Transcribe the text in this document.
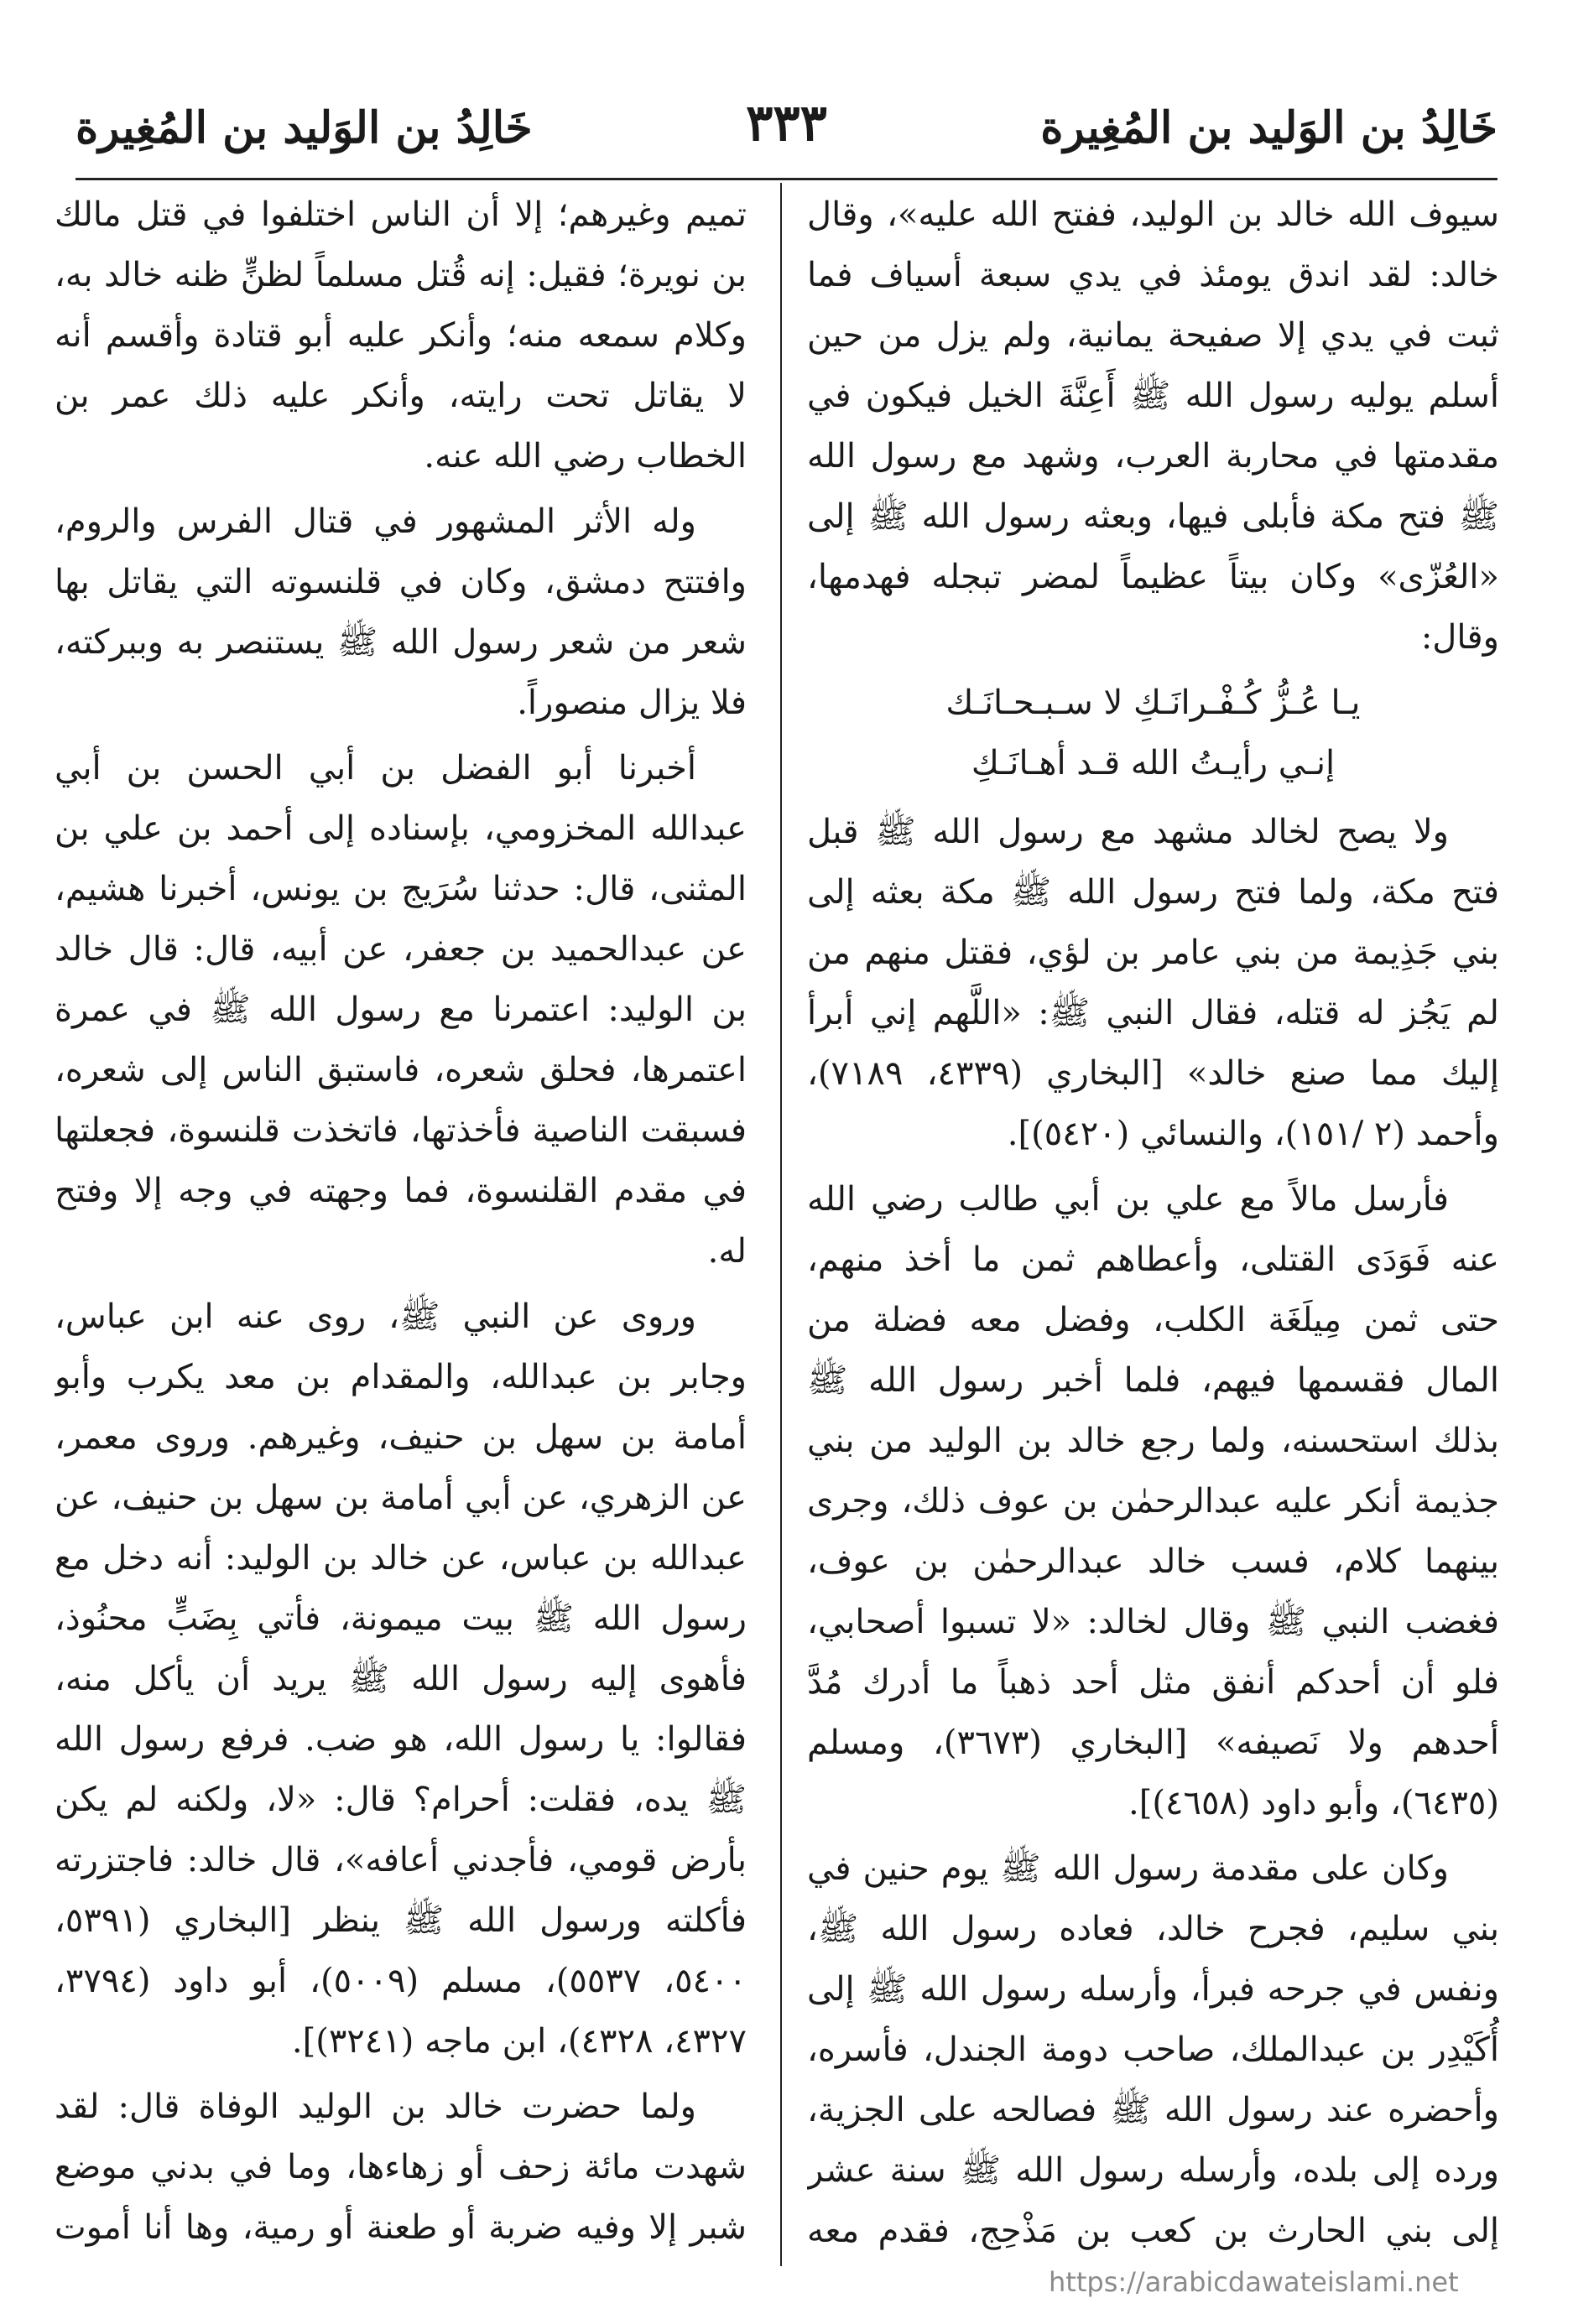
خَالِدُ بن الوَليد بن المُغِيرة
٣٣٣
خَالِدُ بن الوَليد بن المُغِيرة

سيوف الله خالد بن الوليد، ففتح الله عليه»، وقال خالد: لقد اندق يومئذ في يدي سبعة أسياف فما ثبت في يدي إلا صفيحة يمانية، ولم يزل من حين أسلم يوليه رسول الله ﷺ أَعِنَّةَ الخيل فيكون في مقدمتها في محاربة العرب، وشهد مع رسول الله ﷺ فتح مكة فأبلى فيها، وبعثه رسول الله ﷺ إلى «العُزّى» وكان بيتاً عظيماً لمضر تبجله فهدمها، وقال:

يـا عُـزُّ كُـفْـرانَـكِ لا سـبـحـانَـك
إنـي رأيـتُ الله قـد أهـانَـكِ

ولا يصح لخالد مشهد مع رسول الله ﷺ قبل فتح مكة، ولما فتح رسول الله ﷺ مكة بعثه إلى بني جَذِيمة من بني عامر بن لؤي، فقتل منهم من لم يَجُز له قتله، فقال النبي ﷺ: «اللَّهم إني أبرأ إليك مما صنع خالد» [البخاري (٤٣٣٩، ٧١٨٩)، وأحمد (٢ /١٥١)، والنسائي (٥٤٢٠)].

فأرسل مالاً مع علي بن أبي طالب رضي الله عنه فَوَدَى القتلى، وأعطاهم ثمن ما أخذ منهم، حتى ثمن مِيلَغَة الكلب، وفضل معه فضلة من المال فقسمها فيهم، فلما أخبر رسول الله ﷺ بذلك استحسنه، ولما رجع خالد بن الوليد من بني جذيمة أنكر عليه عبدالرحمٰن بن عوف ذلك، وجرى بينهما كلام، فسب خالد عبدالرحمٰن بن عوف، فغضب النبي ﷺ وقال لخالد: «لا تسبوا أصحابي، فلو أن أحدكم أنفق مثل أحد ذهباً ما أدرك مُدَّ أحدهم ولا نَصيفه» [البخاري (٣٦٧٣)، ومسلم (٦٤٣٥)، وأبو داود (٤٦٥٨)].

وكان على مقدمة رسول الله ﷺ يوم حنين في بني سليم، فجرح خالد، فعاده رسول الله ﷺ، ونفس في جرحه فبرأ، وأرسله رسول الله ﷺ إلى أُكَيْدِر بن عبدالملك، صاحب دومة الجندل، فأسره، وأحضره عند رسول الله ﷺ فصالحه على الجزية، ورده إلى بلده، وأرسله رسول الله ﷺ سنة عشر إلى بني الحارث بن كعب بن مَذْحِج، فقدم معه

تميم وغيرهم؛ إلا أن الناس اختلفوا في قتل مالك بن نويرة؛ فقيل: إنه قُتل مسلماً لظنٍّ ظنه خالد به، وكلام سمعه منه؛ وأنكر عليه أبو قتادة وأقسم أنه لا يقاتل تحت رايته، وأنكر عليه ذلك عمر بن الخطاب رضي الله عنه.

وله الأثر المشهور في قتال الفرس والروم، وافتتح دمشق، وكان في قلنسوته التي يقاتل بها شعر من شعر رسول الله ﷺ يستنصر به وببركته، فلا يزال منصوراً.

أخبرنا أبو الفضل بن أبي الحسن بن أبي عبدالله المخزومي، بإسناده إلى أحمد بن علي بن المثنى، قال: حدثنا سُرَيج بن يونس، أخبرنا هشيم، عن عبدالحميد بن جعفر، عن أبيه، قال: قال خالد بن الوليد: اعتمرنا مع رسول الله ﷺ في عمرة اعتمرها، فحلق شعره، فاستبق الناس إلى شعره، فسبقت الناصية فأخذتها، فاتخذت قلنسوة، فجعلتها في مقدم القلنسوة، فما وجهته في وجه إلا وفتح له.

وروى عن النبي ﷺ، روى عنه ابن عباس، وجابر بن عبدالله، والمقدام بن معد يكرب وأبو أمامة بن سهل بن حنيف، وغيرهم. وروى معمر، عن الزهري، عن أبي أمامة بن سهل بن حنيف، عن عبدالله بن عباس، عن خالد بن الوليد: أنه دخل مع رسول الله ﷺ بيت ميمونة، فأتي بِضَبٍّ محنُوذ، فأهوى إليه رسول الله ﷺ يريد أن يأكل منه، فقالوا: يا رسول الله، هو ضب. فرفع رسول الله ﷺ يده، فقلت: أحرام؟ قال: «لا، ولكنه لم يكن بأرض قومي، فأجدني أعافه»، قال خالد: فاجتزرته فأكلته ورسول الله ﷺ ينظر [البخاري (٥٣٩١، ٥٤٠٠، ٥٥٣٧)، مسلم (٥٠٠٩)، أبو داود (٣٧٩٤، ٤٣٢٧، ٤٣٢٨)، ابن ماجه (٣٢٤١)].

ولما حضرت خالد بن الوليد الوفاة قال: لقد شهدت مائة زحف أو زهاءها، وما في بدني موضع شبر إلا وفيه ضربة أو طعنة أو رمية، وها أنا أموت

https://arabicdawateislami.net
